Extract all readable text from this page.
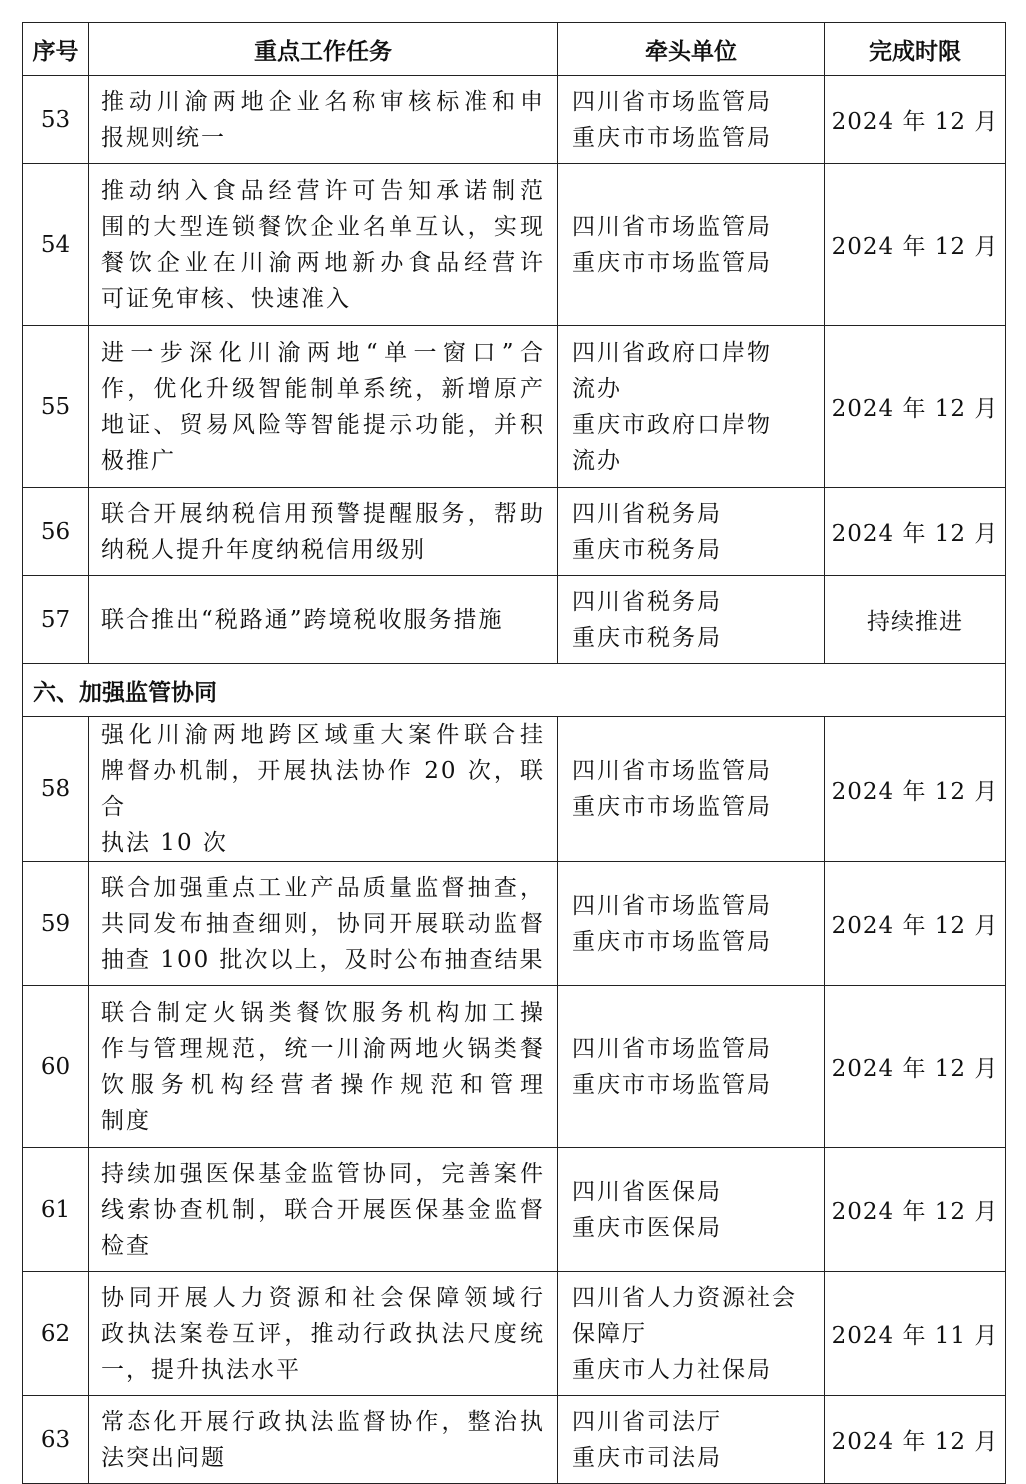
序号	重点工作任务	牵头单位	完成时限
53	推动川渝两地企业名称审核标准和申
报规则统一	四川省市场监管局
重庆市市场监管局	2024 年 12 月
54	推动纳入食品经营许可告知承诺制范
围的大型连锁餐饮企业名单互认，实现
餐饮企业在川渝两地新办食品经营许
可证免审核、快速准入	四川省市场监管局
重庆市市场监管局	2024 年 12 月
55	进一步深化川渝两地“单一窗口”合
作，优化升级智能制单系统，新增原产
地证、贸易风险等智能提示功能，并积
极推广	四川省政府口岸物
流办
重庆市政府口岸物
流办	2024 年 12 月
56	联合开展纳税信用预警提醒服务，帮助
纳税人提升年度纳税信用级别	四川省税务局
重庆市税务局	2024 年 12 月
57	联合推出“税路通”跨境税收服务措施	四川省税务局
重庆市税务局	持续推进
六、加强监管协同			
58	强化川渝两地跨区域重大案件联合挂
牌督办机制，开展执法协作 20 次，联合
执法 10 次	四川省市场监管局
重庆市市场监管局	2024 年 12 月
59	联合加强重点工业产品质量监督抽查，
共同发布抽查细则，协同开展联动监督
抽查 100 批次以上，及时公布抽查结果	四川省市场监管局
重庆市市场监管局	2024 年 12 月
60	联合制定火锅类餐饮服务机构加工操
作与管理规范，统一川渝两地火锅类餐
饮服务机构经营者操作规范和管理
制度	四川省市场监管局
重庆市市场监管局	2024 年 12 月
61	持续加强医保基金监管协同，完善案件
线索协查机制，联合开展医保基金监督
检查	四川省医保局
重庆市医保局	2024 年 12 月
62	协同开展人力资源和社会保障领域行
政执法案卷互评，推动行政执法尺度统
一，提升执法水平	四川省人力资源社会
保障厅
重庆市人力社保局	2024 年 11 月
63	常态化开展行政执法监督协作，整治执
法突出问题	四川省司法厅
重庆市司法局	2024 年 12 月
